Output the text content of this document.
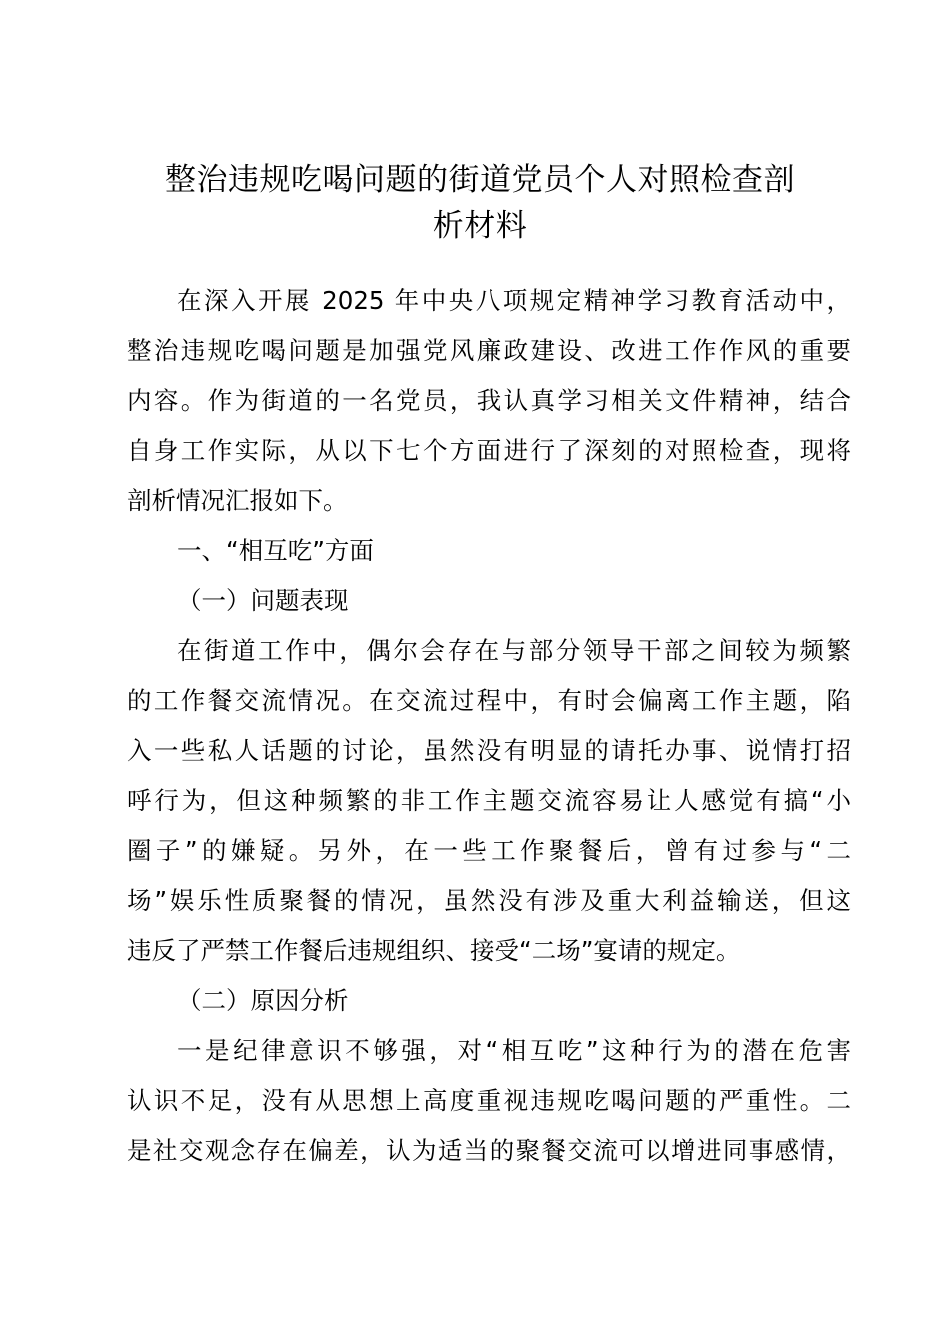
整治违规吃喝问题的街道党员个人对照检查剖
析材料
在深入开展 2025 年中央八项规定精神学习教育活动中，
整治违规吃喝问题是加强党风廉政建设、改进工作作风的重要
内容。作为街道的一名党员，我认真学习相关文件精神，结合
自身工作实际，从以下七个方面进行了深刻的对照检查，现将
剖析情况汇报如下。
一、“相互吃”方面
（一）问题表现
在街道工作中，偶尔会存在与部分领导干部之间较为频繁
的工作餐交流情况。在交流过程中，有时会偏离工作主题，陷
入一些私人话题的讨论，虽然没有明显的请托办事、说情打招
呼行为，但这种频繁的非工作主题交流容易让人感觉有搞“小
圈子”的嫌疑。另外，在一些工作聚餐后，曾有过参与“二
场”娱乐性质聚餐的情况，虽然没有涉及重大利益输送，但这
违反了严禁工作餐后违规组织、接受“二场”宴请的规定。
（二）原因分析
一是纪律意识不够强，对“相互吃”这种行为的潜在危害
认识不足，没有从思想上高度重视违规吃喝问题的严重性。二
是社交观念存在偏差，认为适当的聚餐交流可以增进同事感情，
